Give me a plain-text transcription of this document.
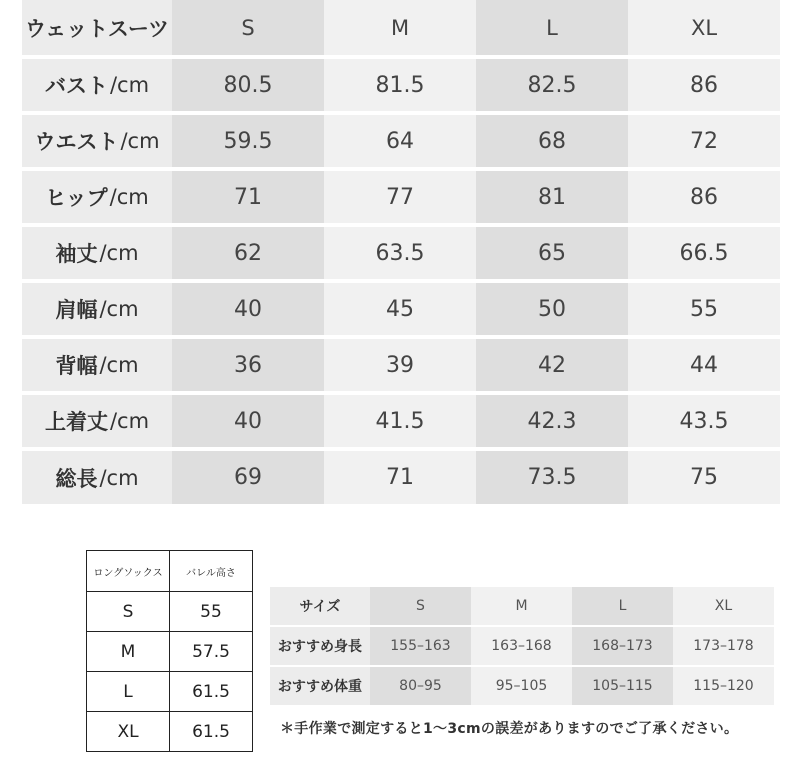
ウェットスーツ	S	M	L	XL
バスト /cm	80.5	81.5	82.5	86
ウエスト /cm	59.5	64	68	72
ヒップ /cm	71	77	81	86
袖丈 /cm	62	63.5	65	66.5
肩幅 /cm	40	45	50	55
背幅 /cm	36	39	42	44
上着丈 /cm	40	41.5	42.3	43.5
総長 /cm	69	71	73.5	75
ロングソックス	バレル高さ
S	55
M	57.5
L	61.5
XL	61.5
サイズ	S	M	L	XL
おすすめ身長	155–163	163–168	168–173	173–178
おすすめ体重	80–95	95–105	105–115	115–120
＊手作業で測定すると1～3cmの誤差がありますのでご了承ください。
